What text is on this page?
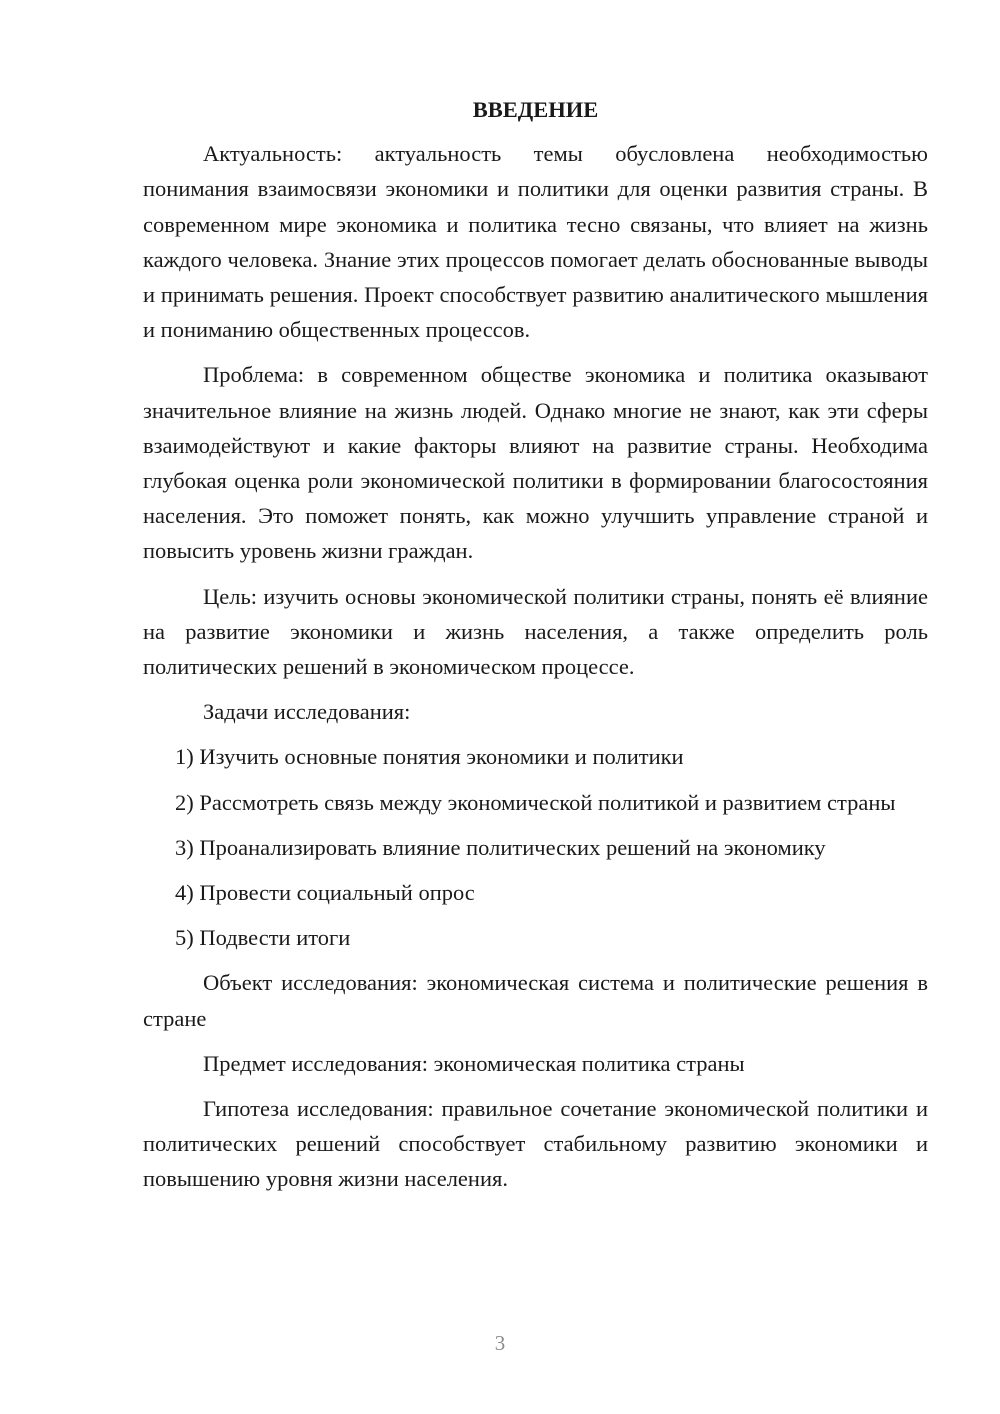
ВВЕДЕНИЕ

Актуальность: актуальность темы обусловлена необходимостью понимания взаимосвязи экономики и политики для оценки развития страны. В современном мире экономика и политика тесно связаны, что влияет на жизнь каждого человека. Знание этих процессов помогает делать обоснованные выводы и принимать решения. Проект способствует развитию аналитического мышления и пониманию общественных процессов.

Проблема: в современном обществе экономика и политика оказывают значительное влияние на жизнь людей. Однако многие не знают, как эти сферы взаимодействуют и какие факторы влияют на развитие страны. Необходима глубокая оценка роли экономической политики в формировании благосостояния населения. Это поможет понять, как можно улучшить управление страной и повысить уровень жизни граждан.

Цель: изучить основы экономической политики страны, понять её влияние на развитие экономики и жизнь населения, а также определить роль политических решений в экономическом процессе.

Задачи исследования:

1) Изучить основные понятия экономики и политики

2) Рассмотреть связь между экономической политикой и развитием страны

3) Проанализировать влияние политических решений на экономику

4) Провести социальный опрос

5) Подвести итоги

Объект исследования: экономическая система и политические решения в стране

Предмет исследования: экономическая политика страны

Гипотеза исследования: правильное сочетание экономической политики и политических решений способствует стабильному развитию экономики и повышению уровня жизни населения.

3
